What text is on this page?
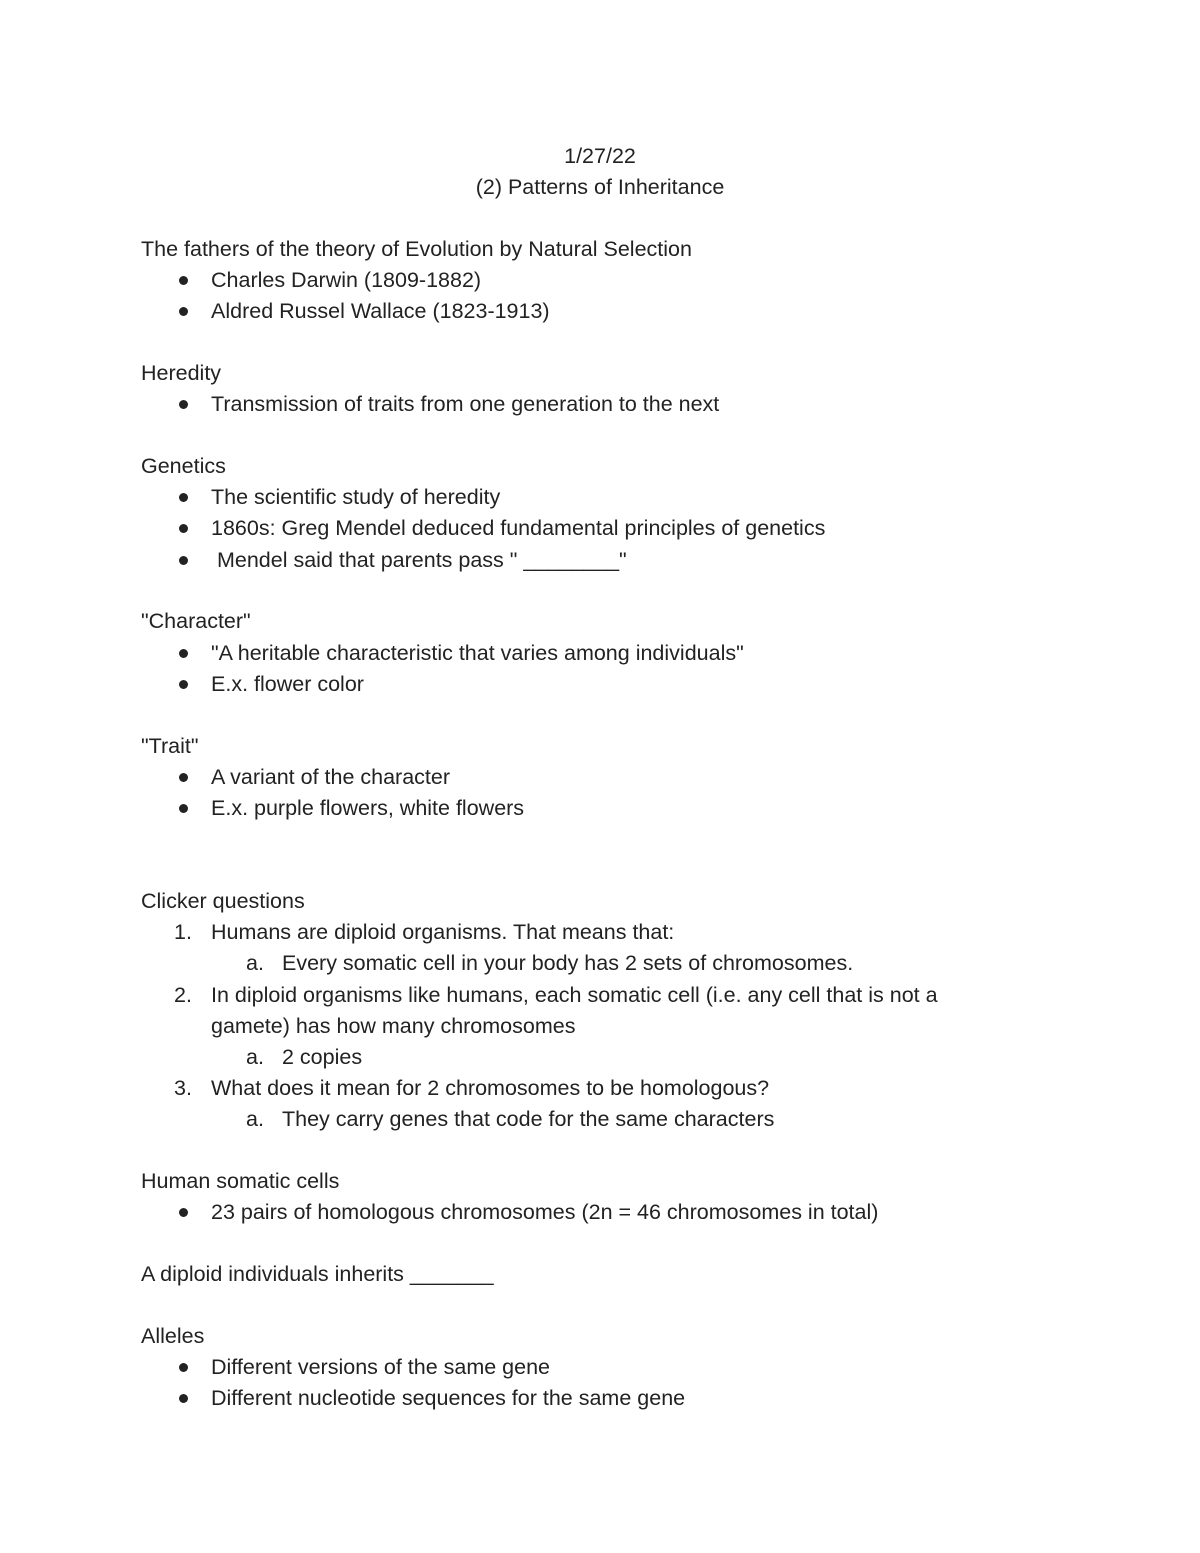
1/27/22
(2) Patterns of Inheritance
The fathers of the theory of Evolution by Natural Selection
Charles Darwin (1809-1882)
Aldred Russel Wallace (1823-1913)
Heredity
Transmission of traits from one generation to the next
Genetics
The scientific study of heredity
1860s: Greg Mendel deduced fundamental principles of genetics
Mendel said that parents pass " ________"
"Character"
"A heritable characteristic that varies among individuals"
E.x. flower color
"Trait"
A variant of the character
E.x. purple flowers, white flowers
Clicker questions
1. Humans are diploid organisms. That means that:
a. Every somatic cell in your body has 2 sets of chromosomes.
2. In diploid organisms like humans, each somatic cell (i.e. any cell that is not a
gamete) has how many chromosomes
a. 2 copies
3. What does it mean for 2 chromosomes to be homologous?
a. They carry genes that code for the same characters
Human somatic cells
23 pairs of homologous chromosomes (2n = 46 chromosomes in total)
A diploid individuals inherits _______
Alleles
Different versions of the same gene
Different nucleotide sequences for the same gene
